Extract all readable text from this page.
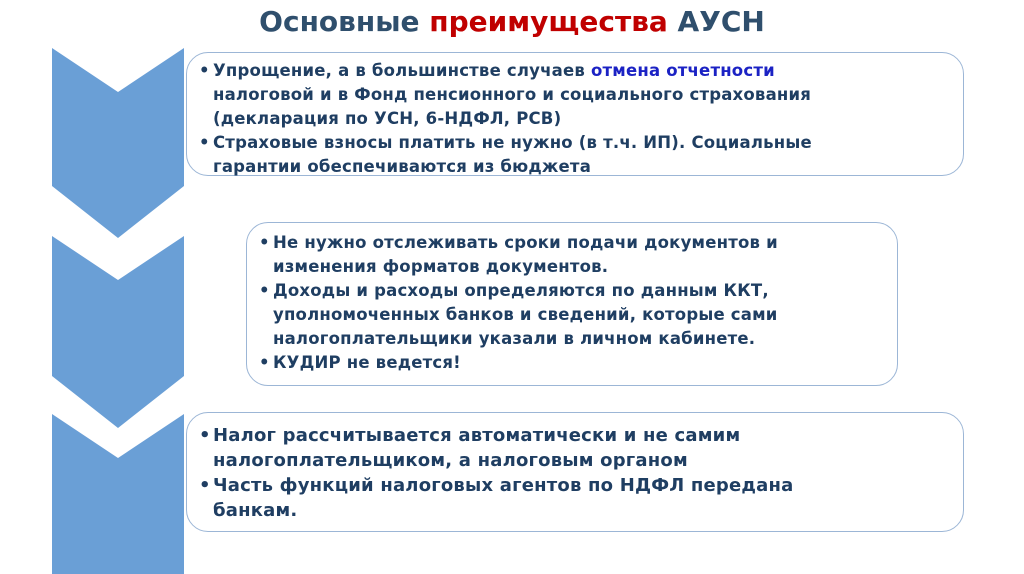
Основные преимущества АУСН
• Упрощение, а в большинстве случаев отмена отчетности
налоговой и в Фонд пенсионного и социального страхования
(декларация по УСН, 6-НДФЛ, РСВ)
• Страховые взносы платить не нужно (в т.ч. ИП). Социальные
гарантии обеспечиваются из бюджета
• Не нужно отслеживать сроки подачи документов и
изменения форматов документов.
• Доходы и расходы определяются по данным ККТ,
уполномоченных банков и сведений, которые сами
налогоплательщики указали в личном кабинете.
• КУДИР не ведется!
• Налог рассчитывается автоматически и не самим
налогоплательщиком, а налоговым органом
• Часть функций налоговых агентов по НДФЛ передана
банкам.
